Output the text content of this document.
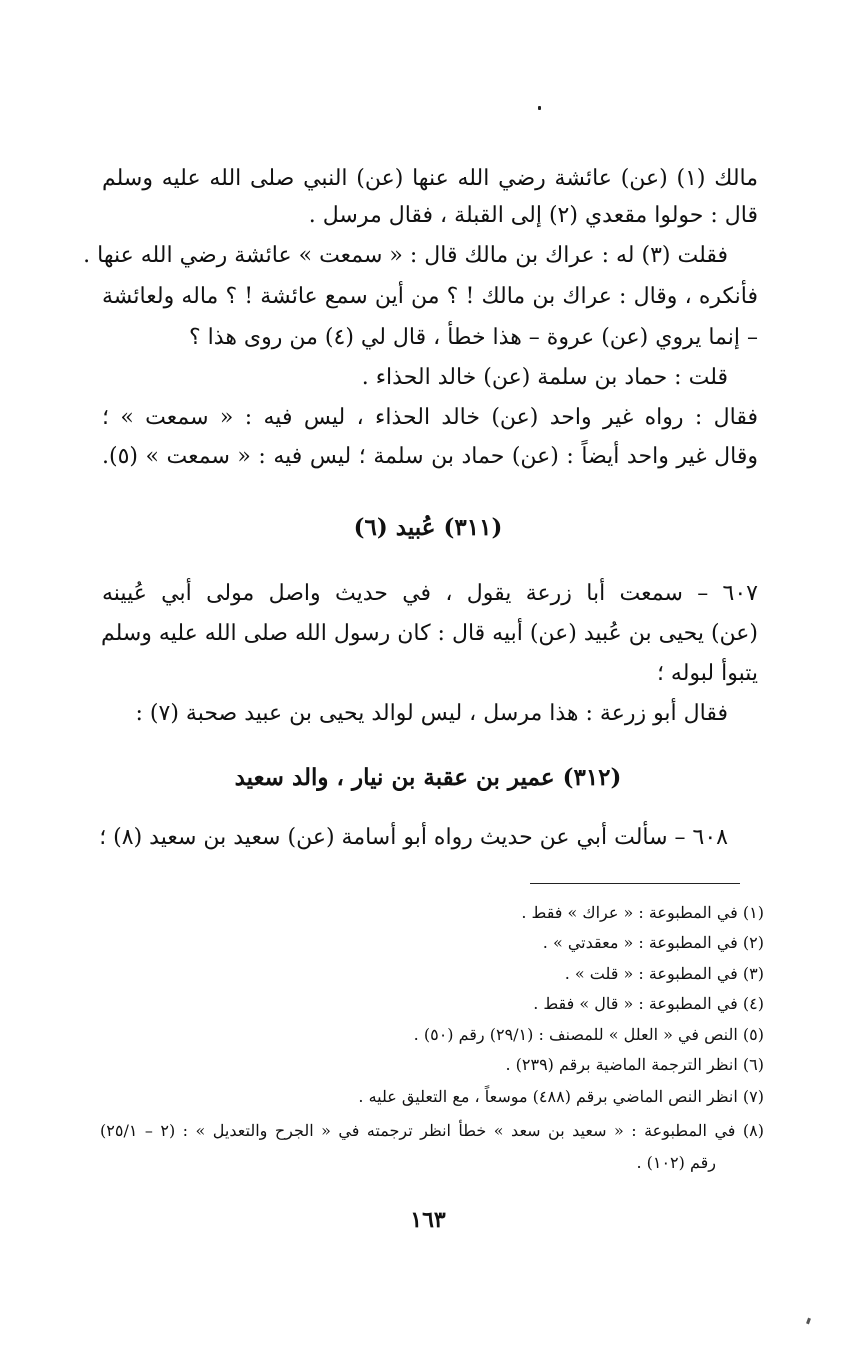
مالك (١) (عن) عائشة رضي الله عنها (عن) النبي صلى الله عليه وسلم
قال : حولوا مقعدي (٢) إلى القبلة ، فقال مرسل .
فقلت (٣) له : عراك بن مالك قال : « سمعت » عائشة رضي الله عنها .
فأنكره ، وقال : عراك بن مالك ! ؟ من أين سمع عائشة ! ؟ ماله ولعائشة
– إنما يروي (عن) عروة – هذا خطأ ، قال لي (٤) من روى هذا ؟
قلت : حماد بن سلمة (عن) خالد الحذاء .
فقال : رواه غير واحد (عن) خالد الحذاء ، ليس فيه : « سمعت » ؛
وقال غير واحد أيضاً : (عن) حماد بن سلمة ؛ ليس فيه : « سمعت » (٥).
(٣١١) عُبيد (٦)
٦٠٧ – سمعت أبا زرعة يقول ، في حديث واصل مولى أبي عُيينه
(عن) يحيى بن عُبيد (عن) أبيه قال : كان رسول الله صلى الله عليه وسلم
يتبوأ لبوله ؛
فقال أبو زرعة : هذا مرسل ، ليس لوالد يحيى بن عبيد صحبة (٧) :
(٣١٢) عمير بن عقبة بن نيار ، والد سعيد
٦٠٨ – سألت أبي عن حديث رواه أبو أسامة (عن) سعيد بن سعيد (٨) ؛
(١) في المطبوعة : « عراك » فقط .
(٢) في المطبوعة : « معقدتي » .
(٣) في المطبوعة : « قلت » .
(٤) في المطبوعة : « قال » فقط .
(٥) النص في « العلل » للمصنف : (٢٩/١) رقم (٥٠) .
(٦) انظر الترجمة الماضية برقم (٢٣٩) .
(٧) انظر النص الماضي برقم (٤٨٨) موسعاً ، مع التعليق عليه .
(٨) في المطبوعة : « سعيد بن سعد » خطأ انظر ترجمته في « الجرح والتعديل » : (٢ – ٢٥/١)
رقم (١٠٢) .
١٦٣
